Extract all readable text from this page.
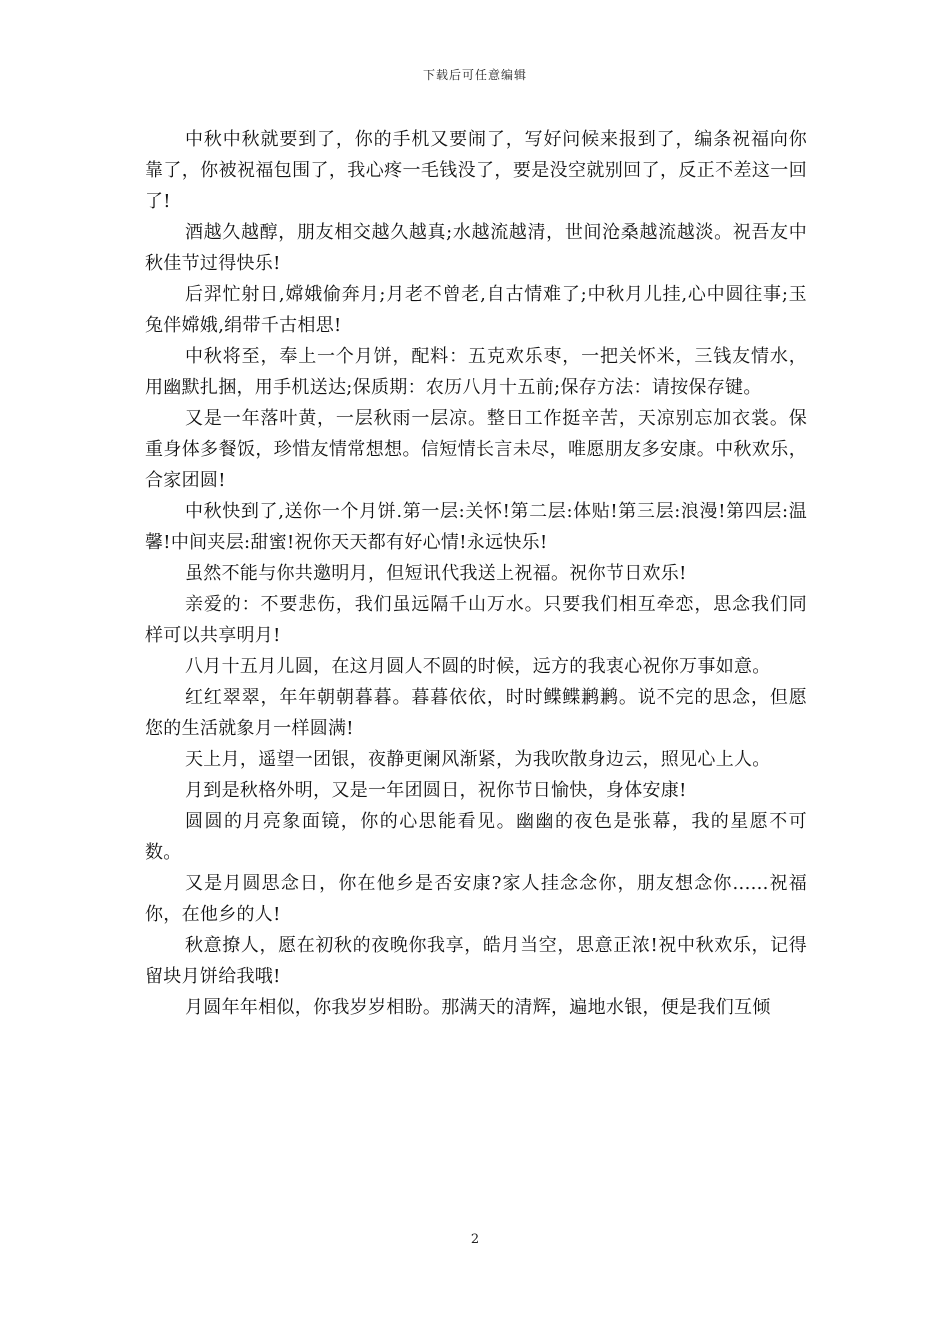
下载后可任意编辑

中秋中秋就要到了，你的手机又要闹了，写好问候来报到了，编条祝福向你靠了，你被祝福包围了，我心疼一毛钱没了，要是没空就别回了，反正不差这一回了!

酒越久越醇，朋友相交越久越真;水越流越清，世间沧桑越流越淡。祝吾友中秋佳节过得快乐!

后羿忙射日,嫦娥偷奔月;月老不曾老,自古情难了;中秋月儿挂,心中圆往事;玉兔伴嫦娥,绢带千古相思!

中秋将至，奉上一个月饼，配料：五克欢乐枣，一把关怀米，三钱友情水，用幽默扎捆，用手机送达;保质期：农历八月十五前;保存方法：请按保存键。

又是一年落叶黄，一层秋雨一层凉。整日工作挺辛苦，天凉别忘加衣裳。保重身体多餐饭，珍惜友情常想想。信短情长言未尽，唯愿朋友多安康。中秋欢乐，合家团圆!

中秋快到了,送你一个月饼.第一层:关怀!第二层:体贴!第三层:浪漫!第四层:温馨!中间夹层:甜蜜!祝你天天都有好心情!永远快乐!

虽然不能与你共邀明月，但短讯代我送上祝福。祝你节日欢乐!

亲爱的：不要悲伤，我们虽远隔千山万水。只要我们相互牵恋，思念我们同样可以共享明月!

八月十五月儿圆，在这月圆人不圆的时候，远方的我衷心祝你万事如意。

红红翠翠，年年朝朝暮暮。暮暮依依，时时鲽鲽鹣鹣。说不完的思念，但愿您的生活就象月一样圆满!

天上月，遥望一团银，夜静更阑风渐紧，为我吹散身边云，照见心上人。

月到是秋格外明，又是一年团圆日，祝你节日愉快，身体安康!

圆圆的月亮象面镜，你的心思能看见。幽幽的夜色是张幕，我的星愿不可数。

又是月圆思念日，你在他乡是否安康?家人挂念念你，朋友想念你......祝福你，在他乡的人!

秋意撩人，愿在初秋的夜晚你我享，皓月当空，思意正浓!祝中秋欢乐，记得留块月饼给我哦!

月圆年年相似，你我岁岁相盼。那满天的清辉，遍地水银，便是我们互倾

2
